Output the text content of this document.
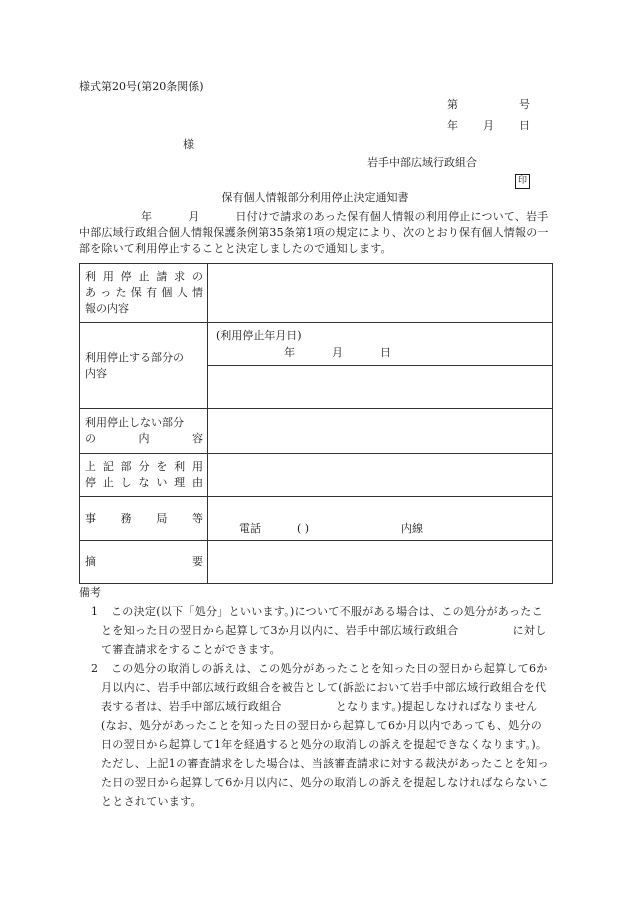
様式第20号(第20条関係)
第	号
年 月 日
様
岩手中部広域行政組合
印
保有個人情報部分利用停止決定通知書
年	月	日付けで請求のあった保有個人情報の利用停止について、岩手中部広域行政組合個人情報保護条例第35条第1項の規定により、次のとおり保有個人情報の一部を除いて利用停止することと決定しましたので通知します。
利用停止請求の
あった保有個人情
報の内容	

利用停止する部分の
内容	(利用停止年月日)
年 月 日

利用停止しない部分
の 内 容	

上記部分を利用
停止しない理由	

事務局等	電話 ( ) 内線

摘要	

備考
1	この決定(以下「処分」といいます。)について不服がある場合は、この処分があったことを知った日の翌日から起算して3か月以内に、岩手中部広域行政組合	に対して審査請求をすることができます。
2	この処分の取消しの訴えは、この処分があったことを知った日の翌日から起算して6か月以内に、岩手中部広域行政組合を被告として(訴訟において岩手中部広域行政組合を代表する者は、岩手中部広域行政組合	となります。)提起しなければなりません(なお、処分があったことを知った日の翌日から起算して6か月以内であっても、処分の日の翌日から起算して1年を経過すると処分の取消しの訴えを提起できなくなります。)。ただし、上記1の審査請求をした場合は、当該審査請求に対する裁決があったことを知った日の翌日から起算して6か月以内に、処分の取消しの訴えを提起しなければならないこととされています。
